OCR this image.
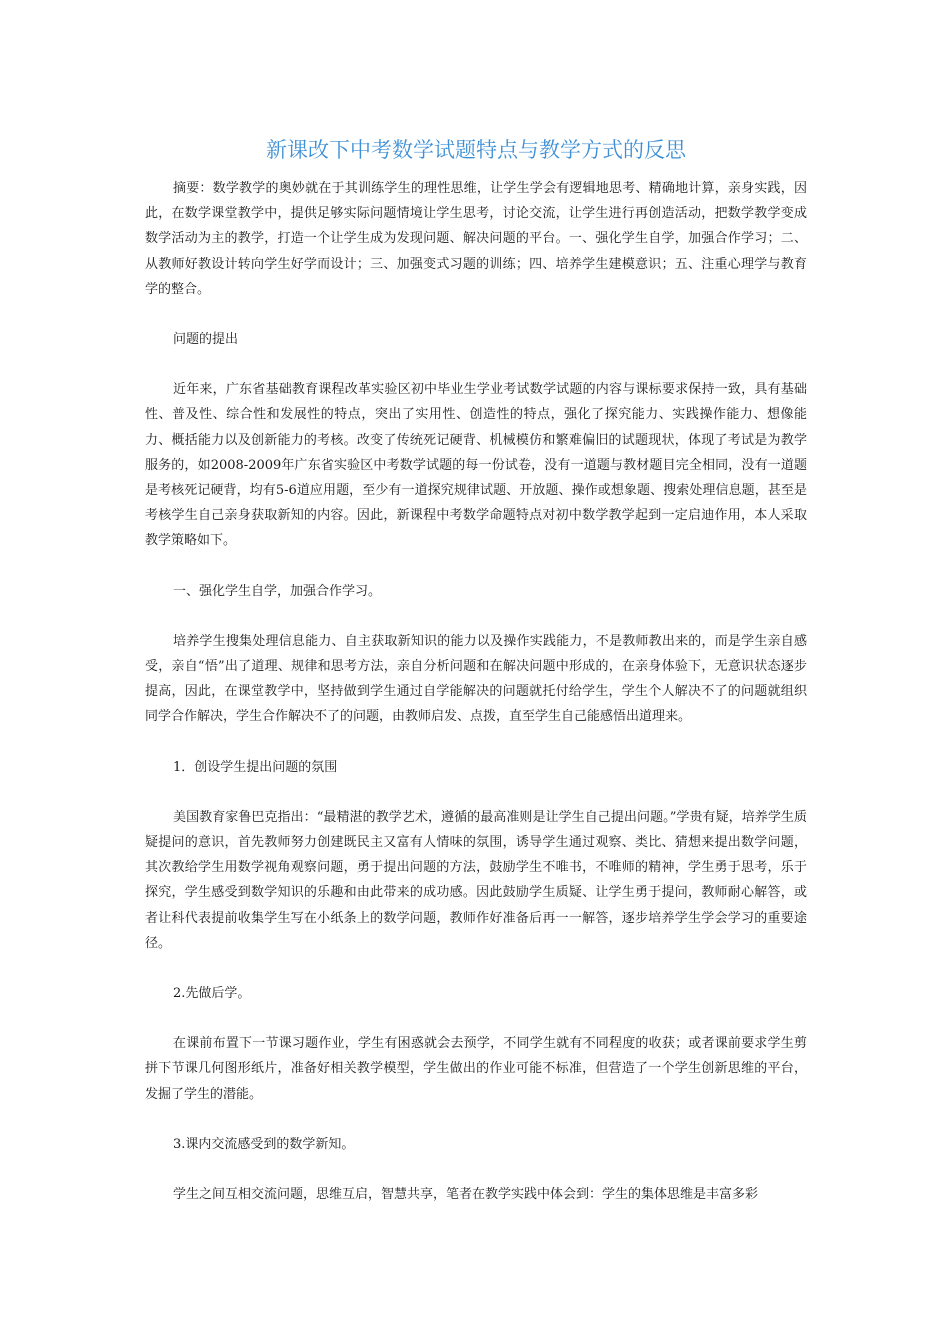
新课改下中考数学试题特点与教学方式的反思

摘要：数学教学的奥妙就在于其训练学生的理性思维，让学生学会有逻辑地思考、精确地计算，亲身实践，因此，在数学课堂教学中，提供足够实际问题情境让学生思考，讨论交流，让学生进行再创造活动，把数学教学变成数学活动为主的教学，打造一个让学生成为发现问题、解决问题的平台。一、强化学生自学，加强合作学习；二、从教师好教设计转向学生好学而设计；三、加强变式习题的训练；四、培养学生建模意识；五、注重心理学与教育学的整合。

问题的提出

近年来，广东省基础教育课程改革实验区初中毕业生学业考试数学试题的内容与课标要求保持一致，具有基础性、普及性、综合性和发展性的特点，突出了实用性、创造性的特点，强化了探究能力、实践操作能力、想像能力、概括能力以及创新能力的考核。改变了传统死记硬背、机械模仿和繁难偏旧的试题现状，体现了考试是为教学服务的，如2008-2009年广东省实验区中考数学试题的每一份试卷，没有一道题与教材题目完全相同，没有一道题是考核死记硬背，均有5-6道应用题，至少有一道探究规律试题、开放题、操作或想象题、搜索处理信息题，甚至是考核学生自己亲身获取新知的内容。因此，新课程中考数学命题特点对初中数学教学起到一定启迪作用，本人采取教学策略如下。

一、强化学生自学，加强合作学习。

培养学生搜集处理信息能力、自主获取新知识的能力以及操作实践能力，不是教师教出来的，而是学生亲自感受，亲自“悟”出了道理、规律和思考方法，亲自分析问题和在解决问题中形成的，在亲身体验下，无意识状态逐步提高，因此，在课堂教学中，坚持做到学生通过自学能解决的问题就托付给学生，学生个人解决不了的问题就组织同学合作解决，学生合作解决不了的问题，由教师启发、点拨，直至学生自己能感悟出道理来。

1．创设学生提出问题的氛围

美国教育家鲁巴克指出：“最精湛的教学艺术，遵循的最高准则是让学生自己提出问题。”学贵有疑，培养学生质疑提问的意识，首先教师努力创建既民主又富有人情味的氛围，诱导学生通过观察、类比、猜想来提出数学问题，其次教给学生用数学视角观察问题，勇于提出问题的方法，鼓励学生不唯书，不唯师的精神，学生勇于思考，乐于探究，学生感受到数学知识的乐趣和由此带来的成功感。因此鼓励学生质疑、让学生勇于提问，教师耐心解答，或者让科代表提前收集学生写在小纸条上的数学问题，教师作好准备后再一一解答，逐步培养学生学会学习的重要途径。

2.先做后学。

在课前布置下一节课习题作业，学生有困惑就会去预学，不同学生就有不同程度的收获；或者课前要求学生剪拼下节课几何图形纸片，准备好相关教学模型，学生做出的作业可能不标准，但营造了一个学生创新思维的平台，发掘了学生的潜能。

3.课内交流感受到的数学新知。

学生之间互相交流问题，思维互启，智慧共享，笔者在教学实践中体会到：学生的集体思维是丰富多彩
